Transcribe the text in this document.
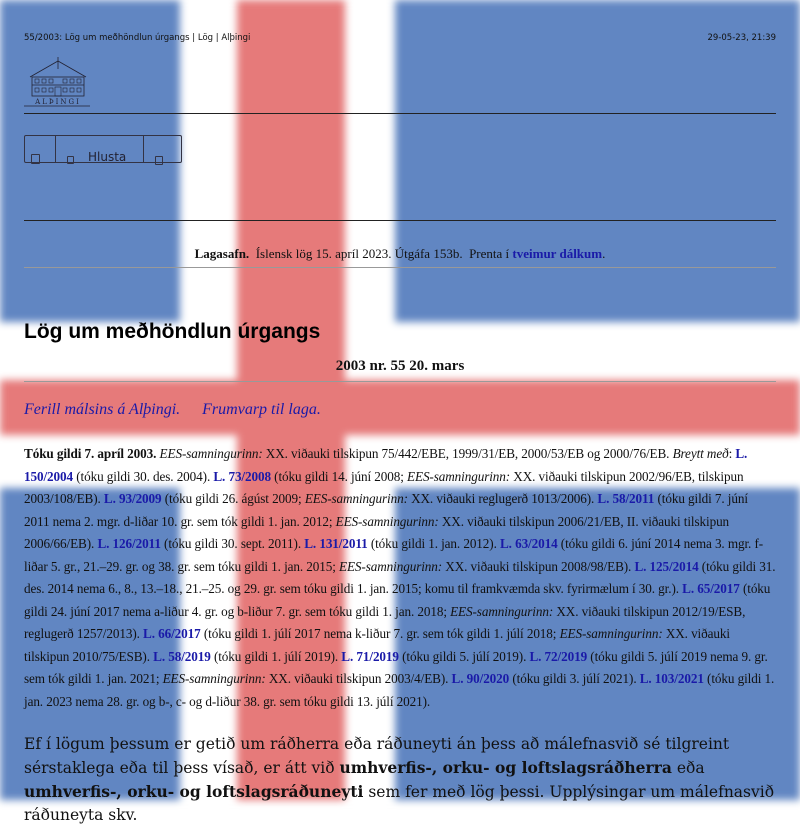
55/2003: Lög um meðhöndlun úrgangs | Lög | Alþingi	29-05-23, 21:39
ALÞINGI
Hlusta
Lagasafn. Íslensk lög 15. apríl 2023. Útgáfa 153b. Prenta í tveimur dálkum.
Lög um meðhöndlun úrgangs
2003 nr. 55 20. mars
Ferill málsins á Alþingi. Frumvarp til laga.
Tóku gildi 7. apríl 2003. EES-samningurinn: XX. viðauki tilskipun 75/442/EBE, 1999/31/EB, 2000/53/EB og 2000/76/EB. Breytt með: L. 150/2004 (tóku gildi 30. des. 2004). L. 73/2008 (tóku gildi 14. júní 2008; EES-samningurinn: XX. viðauki tilskipun 2002/96/EB, tilskipun 2003/108/EB). L. 93/2009 (tóku gildi 26. ágúst 2009; EES-samningurinn: XX. viðauki reglugerð 1013/2006). L. 58/2011 (tóku gildi 7. júní 2011 nema 2. mgr. d-liðar 10. gr. sem tók gildi 1. jan. 2012; EES-samningurinn: XX. viðauki tilskipun 2006/21/EB, II. viðauki tilskipun 2006/66/EB). L. 126/2011 (tóku gildi 30. sept. 2011). L. 131/2011 (tóku gildi 1. jan. 2012). L. 63/2014 (tóku gildi 6. júní 2014 nema 3. mgr. f-liðar 5. gr., 21.–29. gr. og 38. gr. sem tóku gildi 1. jan. 2015; EES-samningurinn: XX. viðauki tilskipun 2008/98/EB). L. 125/2014 (tóku gildi 31. des. 2014 nema 6., 8., 13.–18., 21.–25. og 29. gr. sem tóku gildi 1. jan. 2015; komu til framkvæmda skv. fyrirmælum í 30. gr.). L. 65/2017 (tóku gildi 24. júní 2017 nema a-liður 4. gr. og b-liður 7. gr. sem tóku gildi 1. jan. 2018; EES-samningurinn: XX. viðauki tilskipun 2012/19/ESB, reglugerð 1257/2013). L. 66/2017 (tóku gildi 1. júlí 2017 nema k-liður 7. gr. sem tók gildi 1. júlí 2018; EES-samningurinn: XX. viðauki tilskipun 2010/75/ESB). L. 58/2019 (tóku gildi 1. júlí 2019). L. 71/2019 (tóku gildi 5. júlí 2019). L. 72/2019 (tóku gildi 5. júlí 2019 nema 9. gr. sem tók gildi 1. jan. 2021; EES-samningurinn: XX. viðauki tilskipun 2003/4/EB). L. 90/2020 (tóku gildi 3. júlí 2021). L. 103/2021 (tóku gildi 1. jan. 2023 nema 28. gr. og b-, c- og d-liður 38. gr. sem tóku gildi 13. júlí 2021).
Ef í lögum þessum er getið um ráðherra eða ráðuneyti án þess að málefnasvið sé tilgreint sérstaklega eða til þess vísað, er átt við umhverfis-, orku- og loftslagsráðherra eða umhverfis-, orku- og loftslagsráðuneyti sem fer með lög þessi. Upplýsingar um málefnasvið ráðuneyta skv.
